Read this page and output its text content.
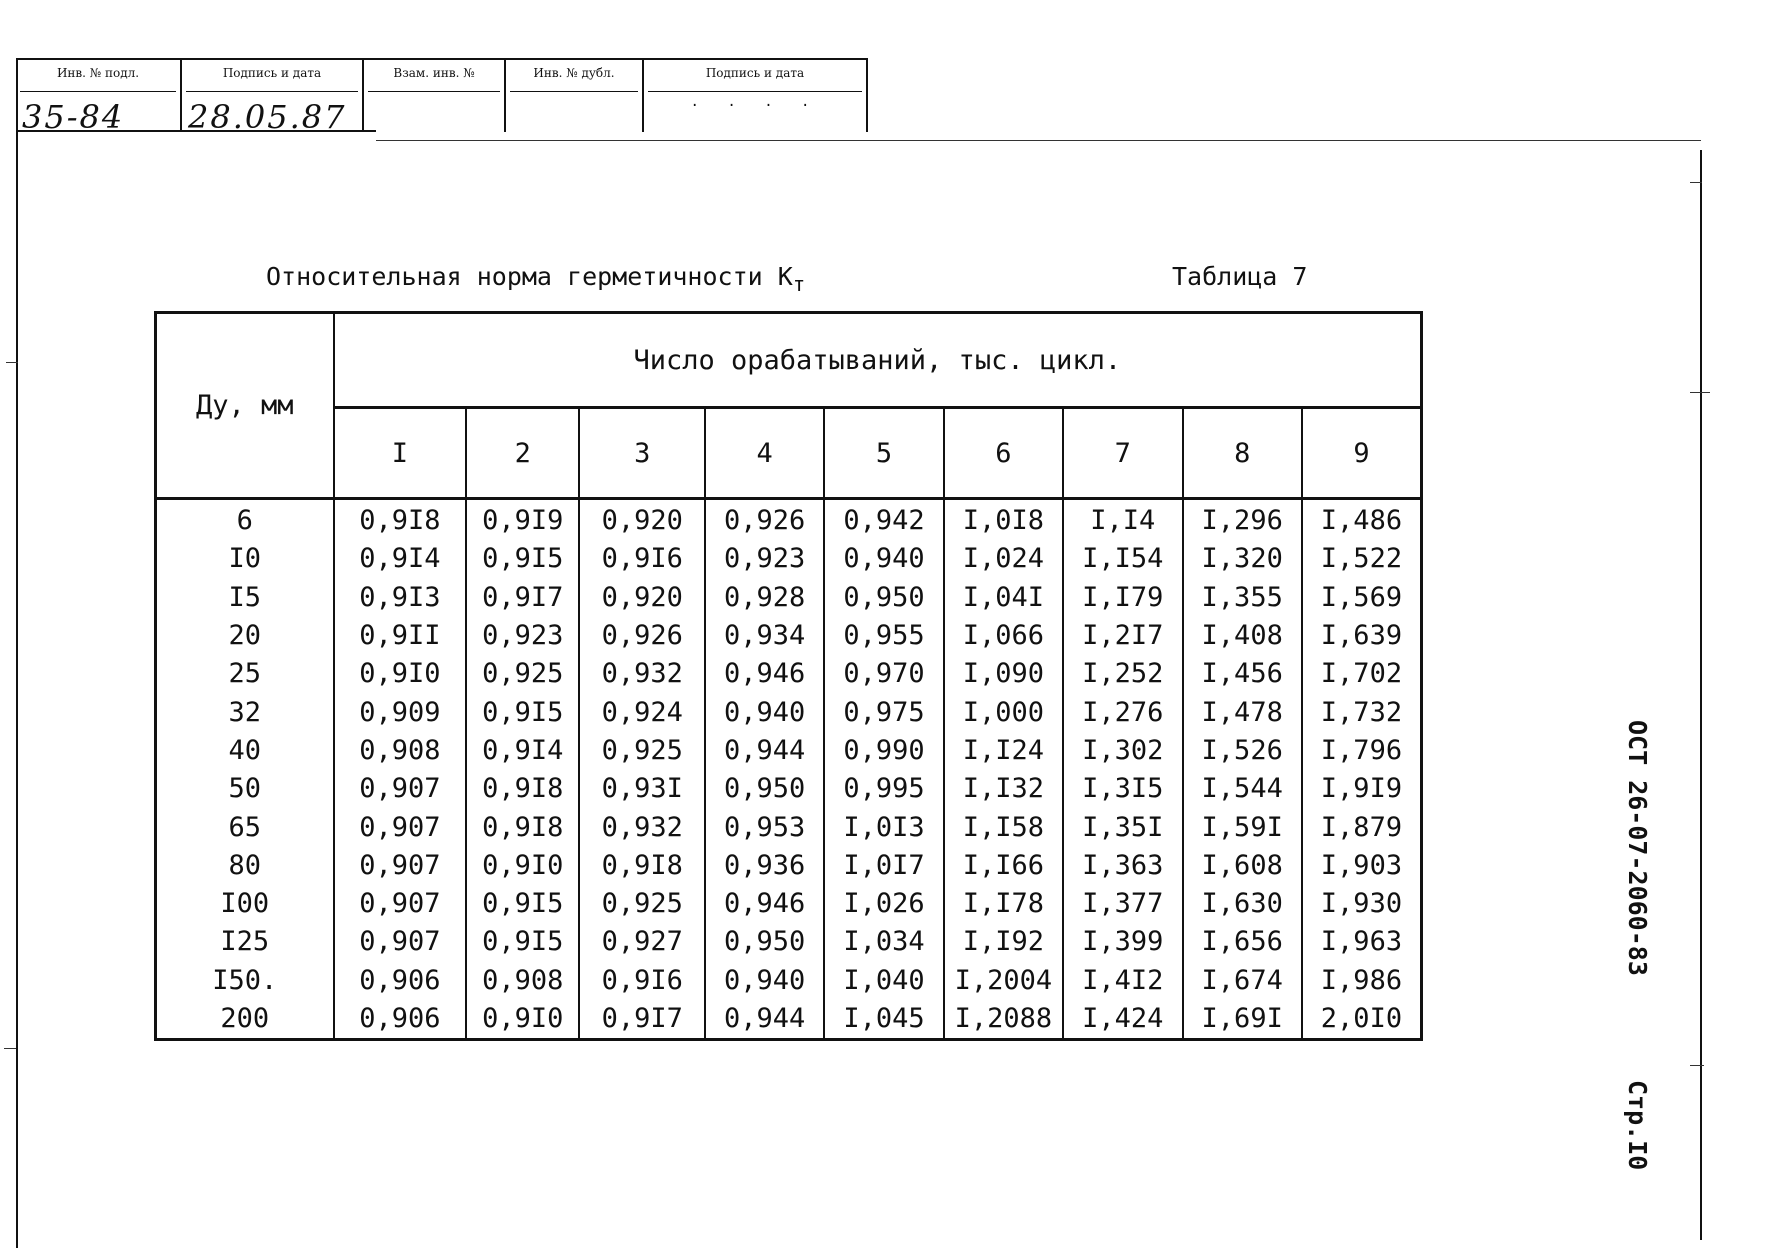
Инв. № подл.
35-84
Подпись и дата
28.05.87
Взам. инв. №	Инв. № дубл.	Подпись и дата
. . . .
Относительная норма герметичности $К_т$	Таблица 7
Ду, мм	Число орабатываний, тыс. цикл.								
	I	2	3	4	5	6	7	8	9
6	0,9I8	0,9I9	0,920	0,926	0,942	I,0I8	I,I4	I,296	I,486
I0	0,9I4	0,9I5	0,9I6	0,923	0,940	I,024	I,I54	I,320	I,522
I5	0,9I3	0,9I7	0,920	0,928	0,950	I,04I	I,I79	I,355	I,569
20	0,9II	0,923	0,926	0,934	0,955	I,066	I,2I7	I,408	I,639
25	0,9I0	0,925	0,932	0,946	0,970	I,090	I,252	I,456	I,702
32	0,909	0,9I5	0,924	0,940	0,975	I,000	I,276	I,478	I,732
40	0,908	0,9I4	0,925	0,944	0,990	I,I24	I,302	I,526	I,796
50	0,907	0,9I8	0,93I	0,950	0,995	I,I32	I,3I5	I,544	I,9I9
65	0,907	0,9I8	0,932	0,953	I,0I3	I,I58	I,35I	I,59I	I,879
80	0,907	0,9I0	0,9I8	0,936	I,0I7	I,I66	I,363	I,608	I,903
I00	0,907	0,9I5	0,925	0,946	I,026	I,I78	I,377	I,630	I,930
I25	0,907	0,9I5	0,927	0,950	I,034	I,I92	I,399	I,656	I,963
I50.	0,906	0,908	0,9I6	0,940	I,040	I,2004	I,4I2	I,674	I,986
200	0,906	0,9I0	0,9I7	0,944	I,045	I,2088	I,424	I,69I	2,0I0
ОСТ 26-07-2060-83
Стр.I0
